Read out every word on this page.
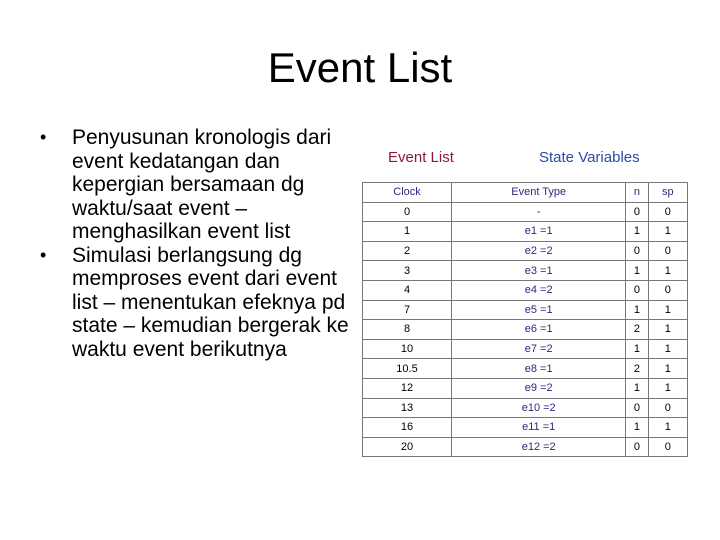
Event List
• Penyusunan kronologis dari event kedatangan dan kepergian bersamaan dg waktu/saat event – menghasilkan event list
• Simulasi berlangsung dg memproses event dari event list – menentukan efeknya pd state – kemudian bergerak ke waktu event berikutnya
Event List	State Variables
Clock	Event Type	n	sp
0	-	0	0
1	e1 =1	1	1
2	e2 =2	0	0
3	e3 =1	1	1
4	e4 =2	0	0
7	e5 =1	1	1
8	e6 =1	2	1
10	e7 =2	1	1
10.5	e8 =1	2	1
12	e9 =2	1	1
13	e10 =2	0	0
16	e11 =1	1	1
20	e12 =2	0	0
